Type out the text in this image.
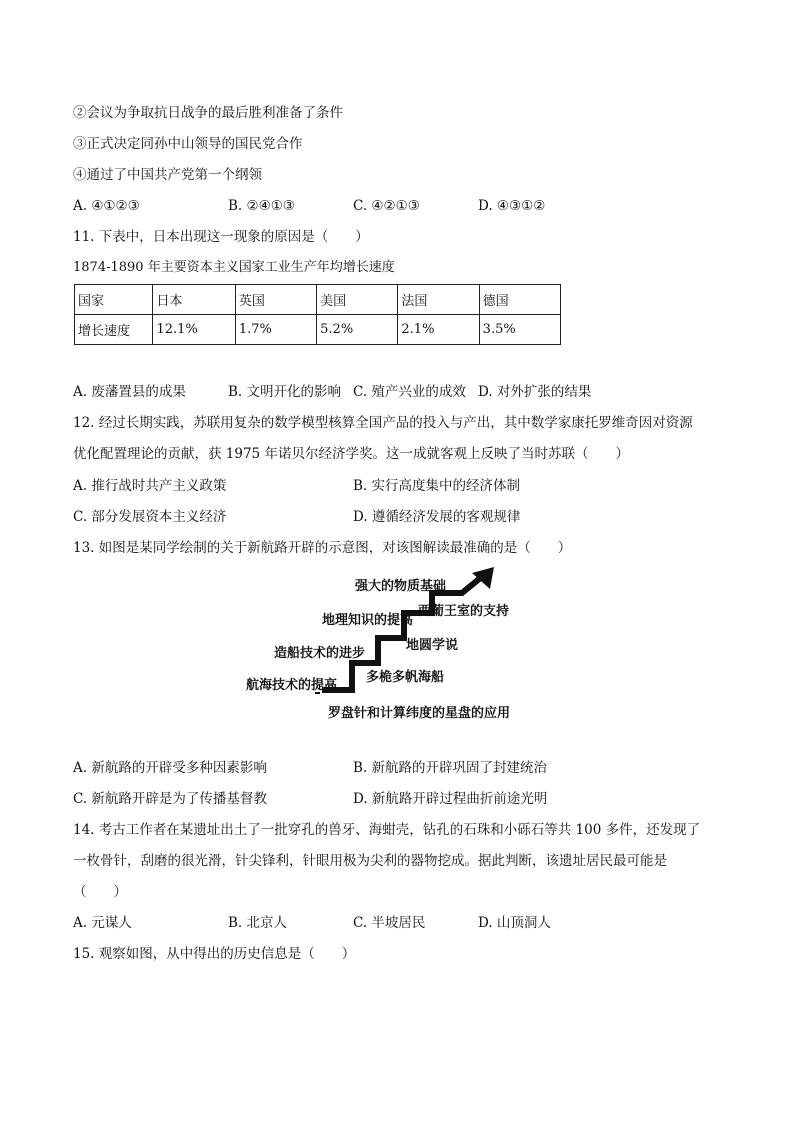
②会议为争取抗日战争的最后胜利准备了条件
③正式决定同孙中山领导的国民党合作
④通过了中国共产党第一个纲领
A. ④①②③	B. ②④①③	C. ④②①③	D. ④③①②
11. 下表中，日本出现这一现象的原因是（　　）
1874-1890 年主要资本主义国家工业生产年均增长速度
国家	日本	英国	美国	法国	德国
增长速度	12.1%	1.7%	5.2%	2.1%	3.5%
A. 废藩置县的成果	B. 文明开化的影响 C. 殖产兴业的成效 D. 对外扩张的结果
12. 经过长期实践，苏联用复杂的数学模型核算全国产品的投入与产出，其中数学家康托罗维奇因对资源
优化配置理论的贡献，获 1975 年诺贝尔经济学奖。这一成就客观上反映了当时苏联（　　）
A. 推行战时共产主义政策	B. 实行高度集中的经济体制
C. 部分发展资本主义经济	D. 遵循经济发展的客观规律
13. 如图是某同学绘制的关于新航路开辟的示意图，对该图解读最准确的是（　　）
强大的物质基础
地理知识的提高
造船技术的进步
航海技术的提高
西葡王室的支持
地圆学说
多桅多帆海船
罗盘针和计算纬度的星盘的应用
A. 新航路的开辟受多种因素影响	B. 新航路的开辟巩固了封建统治
C. 新航路开辟是为了传播基督教	D. 新航路开辟过程曲折前途光明
14. 考古工作者在某遗址出土了一批穿孔的兽牙、海蚶壳，钻孔的石珠和小砾石等共 100 多件，还发现了
一枚骨针，刮磨的很光滑，针尖锋利，针眼用极为尖利的器物挖成。据此判断，该遗址居民最可能是
（　　）
A. 元谋人	B. 北京人	C. 半坡居民	D. 山顶洞人
15. 观察如图，从中得出的历史信息是（　　）
